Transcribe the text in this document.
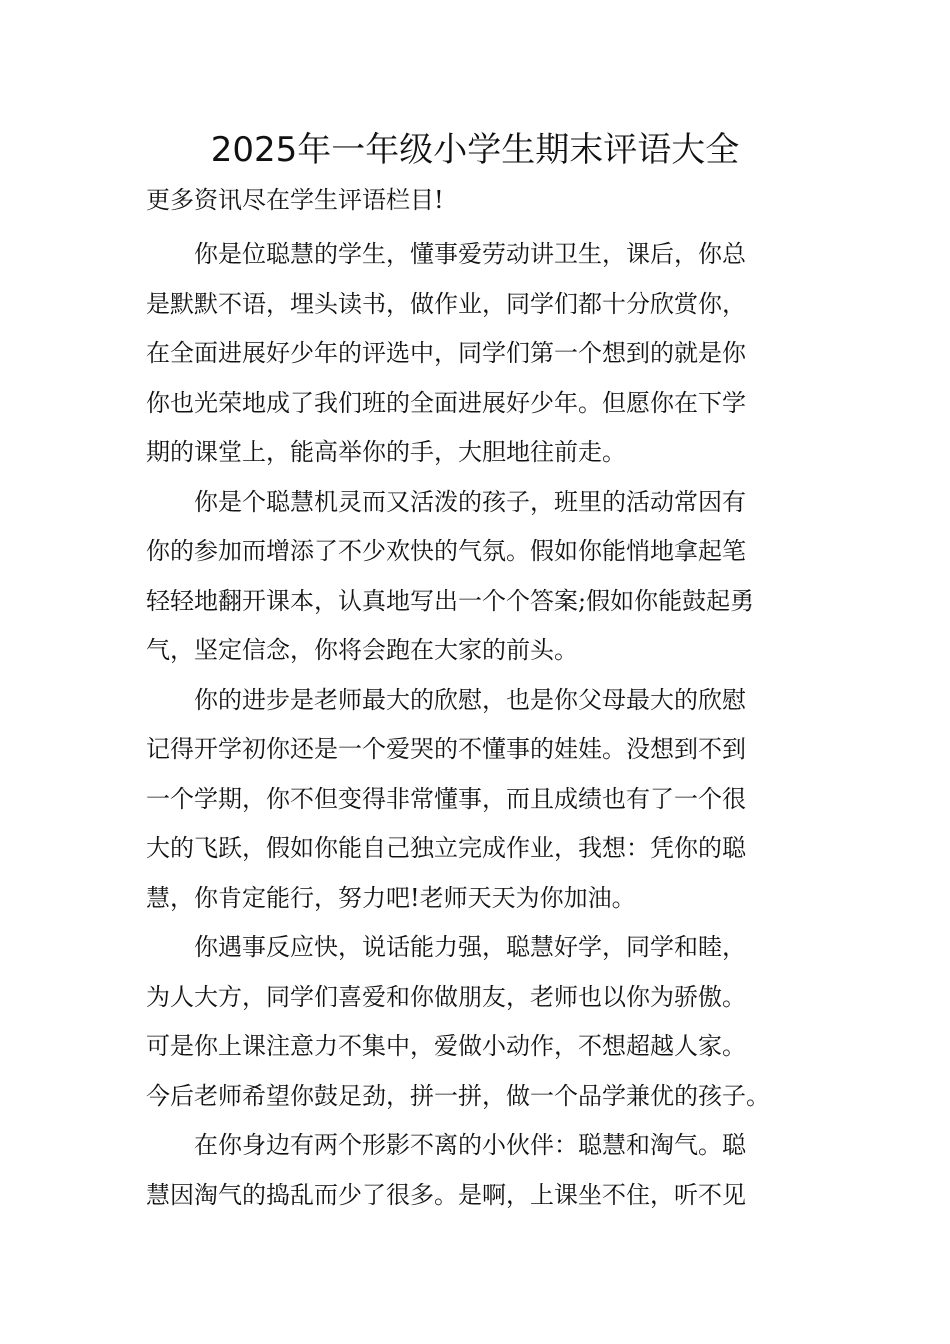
2025年一年级小学生期末评语大全

更多资讯尽在学生评语栏目!

你是位聪慧的学生，懂事爱劳动讲卫生，课后，你总
是默默不语，埋头读书，做作业，同学们都十分欣赏你，
在全面进展好少年的评选中，同学们第一个想到的就是你
你也光荣地成了我们班的全面进展好少年。但愿你在下学
期的课堂上，能高举你的手，大胆地往前走。

你是个聪慧机灵而又活泼的孩子，班里的活动常因有
你的参加而增添了不少欢快的气氛。假如你能悄地拿起笔
轻轻地翻开课本，认真地写出一个个答案;假如你能鼓起勇
气，坚定信念，你将会跑在大家的前头。

你的进步是老师最大的欣慰，也是你父母最大的欣慰
记得开学初你还是一个爱哭的不懂事的娃娃。没想到不到
一个学期，你不但变得非常懂事，而且成绩也有了一个很
大的飞跃，假如你能自己独立完成作业，我想：凭你的聪
慧，你肯定能行，努力吧!老师天天为你加油。

你遇事反应快，说话能力强，聪慧好学，同学和睦，
为人大方，同学们喜爱和你做朋友，老师也以你为骄傲。
可是你上课注意力不集中，爱做小动作，不想超越人家。
今后老师希望你鼓足劲，拼一拼，做一个品学兼优的孩子。

在你身边有两个形影不离的小伙伴：聪慧和淘气。聪
慧因淘气的捣乱而少了很多。是啊，上课坐不住，听不见
